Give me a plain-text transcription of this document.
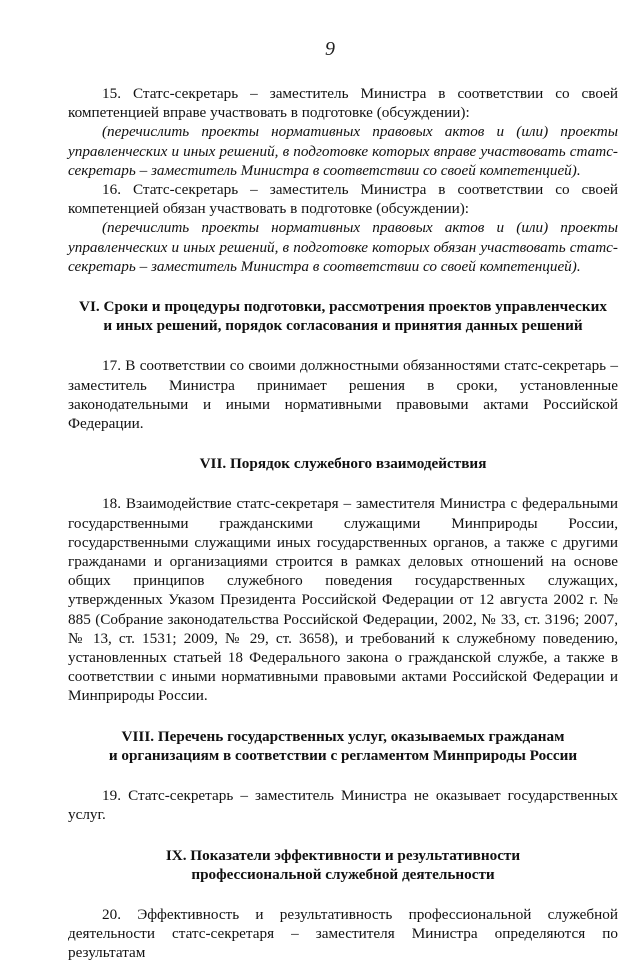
9

15. Статс-секретарь – заместитель Министра в соответствии со своей компетенцией вправе участвовать в подготовке (обсуждении):

(перечислить проекты нормативных правовых актов и (или) проекты управленческих и иных решений, в подготовке которых вправе участвовать статс-секретарь – заместитель Министра в соответствии со своей компетенцией).

16. Статс-секретарь – заместитель Министра в соответствии со своей компетенцией обязан участвовать в подготовке (обсуждении):

(перечислить проекты нормативных правовых актов и (или) проекты управленческих и иных решений, в подготовке которых обязан участвовать статс-секретарь – заместитель Министра в соответствии со своей компетенцией).

VI. Сроки и процедуры подготовки, рассмотрения проектов управленческих
и иных решений, порядок согласования и принятия данных решений

17. В соответствии со своими должностными обязанностями статс-секретарь – заместитель Министра принимает решения в сроки, установленные законодательными и иными нормативными правовыми актами Российской Федерации.

VII. Порядок служебного взаимодействия

18. Взаимодействие статс-секретаря – заместителя Министра с федеральными государственными гражданскими служащими Минприроды России, государственными служащими иных государственных органов, а также с другими гражданами и организациями строится в рамках деловых отношений на основе общих принципов служебного поведения государственных служащих, утвержденных Указом Президента Российской Федерации от 12 августа 2002 г. № 885 (Собрание законодательства Российской Федерации, 2002, № 33, ст. 3196; 2007, № 13, ст. 1531; 2009, № 29, ст. 3658), и требований к служебному поведению, установленных статьей 18 Федерального закона о гражданской службе, а также в соответствии с иными нормативными правовыми актами Российской Федерации и Минприроды России.

VIII. Перечень государственных услуг, оказываемых гражданам
и организациям в соответствии с регламентом Минприроды России

19. Статс-секретарь – заместитель Министра не оказывает государственных услуг.

IX. Показатели эффективности и результативности
профессиональной служебной деятельности

20. Эффективность и результативность профессиональной служебной деятельности статс-секретаря – заместителя Министра определяются по результатам
